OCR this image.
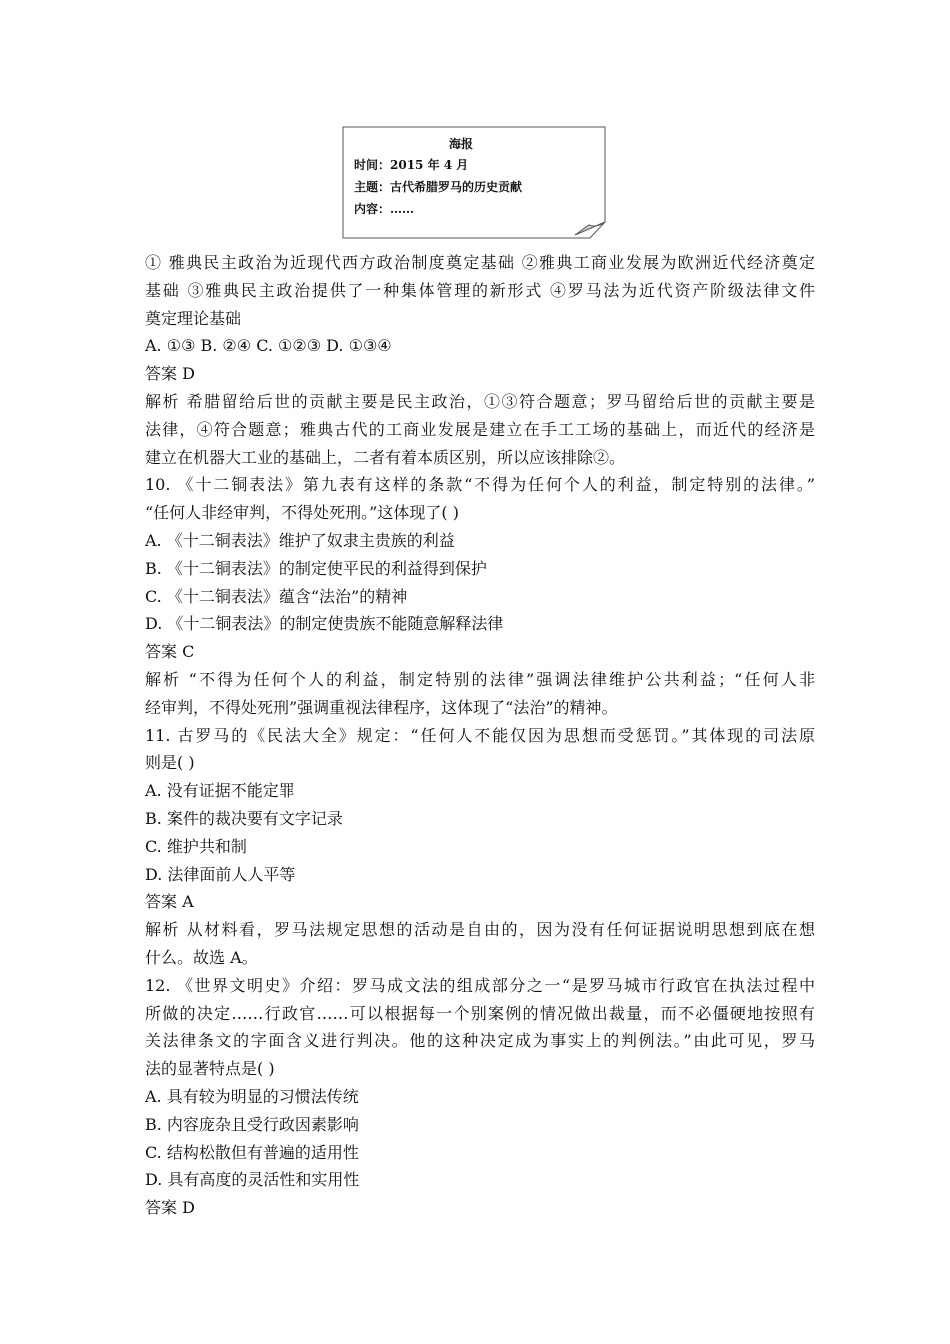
海报
时间：2015 年 4 月
主题：古代希腊罗马的历史贡献
内容：……
① 雅典民主政治为近现代西方政治制度奠定基础 ②雅典工商业发展为欧洲近代经济奠定
基础 ③雅典民主政治提供了一种集体管理的新形式 ④罗马法为近代资产阶级法律文件
奠定理论基础
A. ①③ B. ②④ C. ①②③ D. ①③④
答案 D
解析 希腊留给后世的贡献主要是民主政治，①③符合题意；罗马留给后世的贡献主要是
法律，④符合题意；雅典古代的工商业发展是建立在手工工场的基础上，而近代的经济是
建立在机器大工业的基础上，二者有着本质区别，所以应该排除②。
10. 《十二铜表法》第九表有这样的条款“不得为任何个人的利益，制定特别的法律。”
“任何人非经审判，不得处死刑。”这体现了( )
A. 《十二铜表法》维护了奴隶主贵族的利益
B. 《十二铜表法》的制定使平民的利益得到保护
C. 《十二铜表法》蕴含“法治”的精神
D. 《十二铜表法》的制定使贵族不能随意解释法律
答案 C
解析 “不得为任何个人的利益，制定特别的法律”强调法律维护公共利益；“任何人非
经审判，不得处死刑”强调重视法律程序，这体现了“法治”的精神。
11. 古罗马的《民法大全》规定：“任何人不能仅因为思想而受惩罚。”其体现的司法原
则是( )
A. 没有证据不能定罪
B. 案件的裁决要有文字记录
C. 维护共和制
D. 法律面前人人平等
答案 A
解析 从材料看，罗马法规定思想的活动是自由的，因为没有任何证据说明思想到底在想
什么。故选 A。
12. 《世界文明史》介绍：罗马成文法的组成部分之一“是罗马城市行政官在执法过程中
所做的决定……行政官……可以根据每一个别案例的情况做出裁量，而不必僵硬地按照有
关法律条文的字面含义进行判决。他的这种决定成为事实上的判例法。”由此可见，罗马
法的显著特点是( )
A. 具有较为明显的习惯法传统
B. 内容庞杂且受行政因素影响
C. 结构松散但有普遍的适用性
D. 具有高度的灵活性和实用性
答案 D
